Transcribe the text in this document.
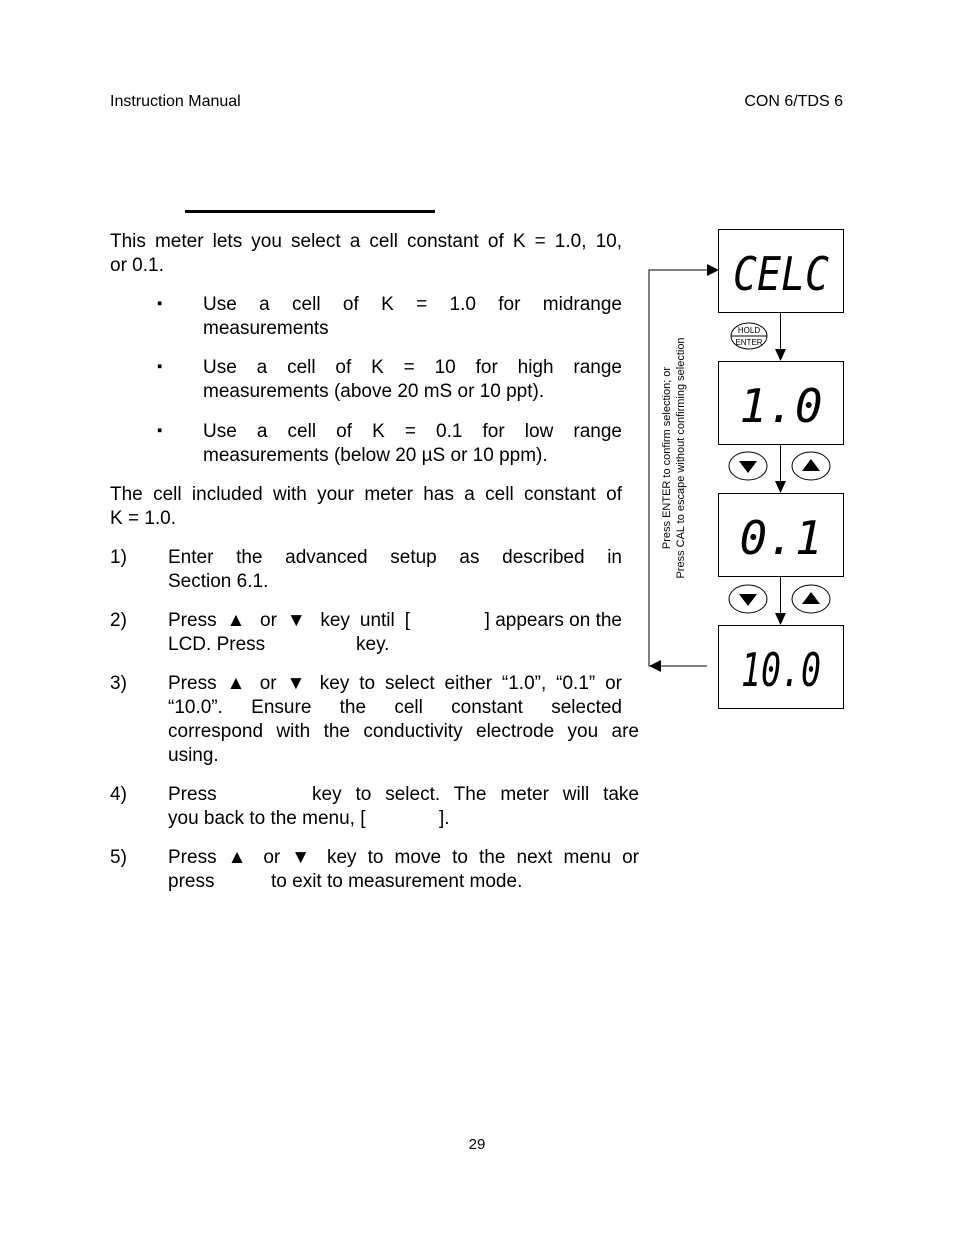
Instruction Manual	CON 6/TDS 6
This meter lets you select a cell constant of K = 1.0, 10,
or 0.1.
▪ Use a cell of K = 1.0 for midrange
measurements
▪ Use a cell of K = 10 for high range
measurements (above 20 mS or 10 ppt).
▪ Use a cell of K = 0.1 for low range
measurements (below 20 µS or 10 ppm).
The cell included with your meter has a cell constant of
K = 1.0.
1) Enter the advanced setup as described in
Section 6.1.
2) Press ▲ or ▼ key until [	] appears on the
LCD. Press	key.
3) Press ▲ or ▼ key to select either “1.0”, “0.1” or
“10.0”. Ensure the cell constant selected
correspond with the conductivity electrode you are
using.
4) Press	key to select. The meter will take
you back to the menu, [	].
5) Press ▲ or ▼ key to move to the next menu or
press	to exit to measurement mode.
CELC
1.0
0.1
10.0
HOLD
ENTER
Press ENTER to confirm selection; or Press CAL to escape without confirming selection
29
